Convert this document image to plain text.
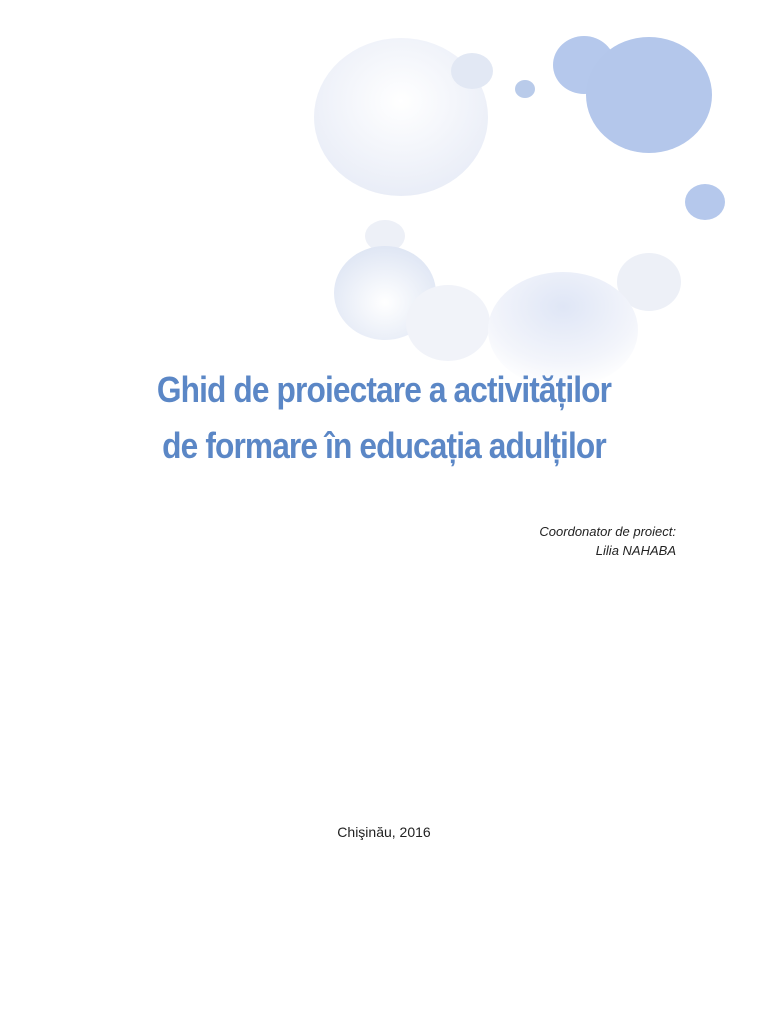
Ghid de proiectare a activităților
de formare în educația adulților
Coordonator de proiect:
Lilia NAHABA
Chişinău, 2016
